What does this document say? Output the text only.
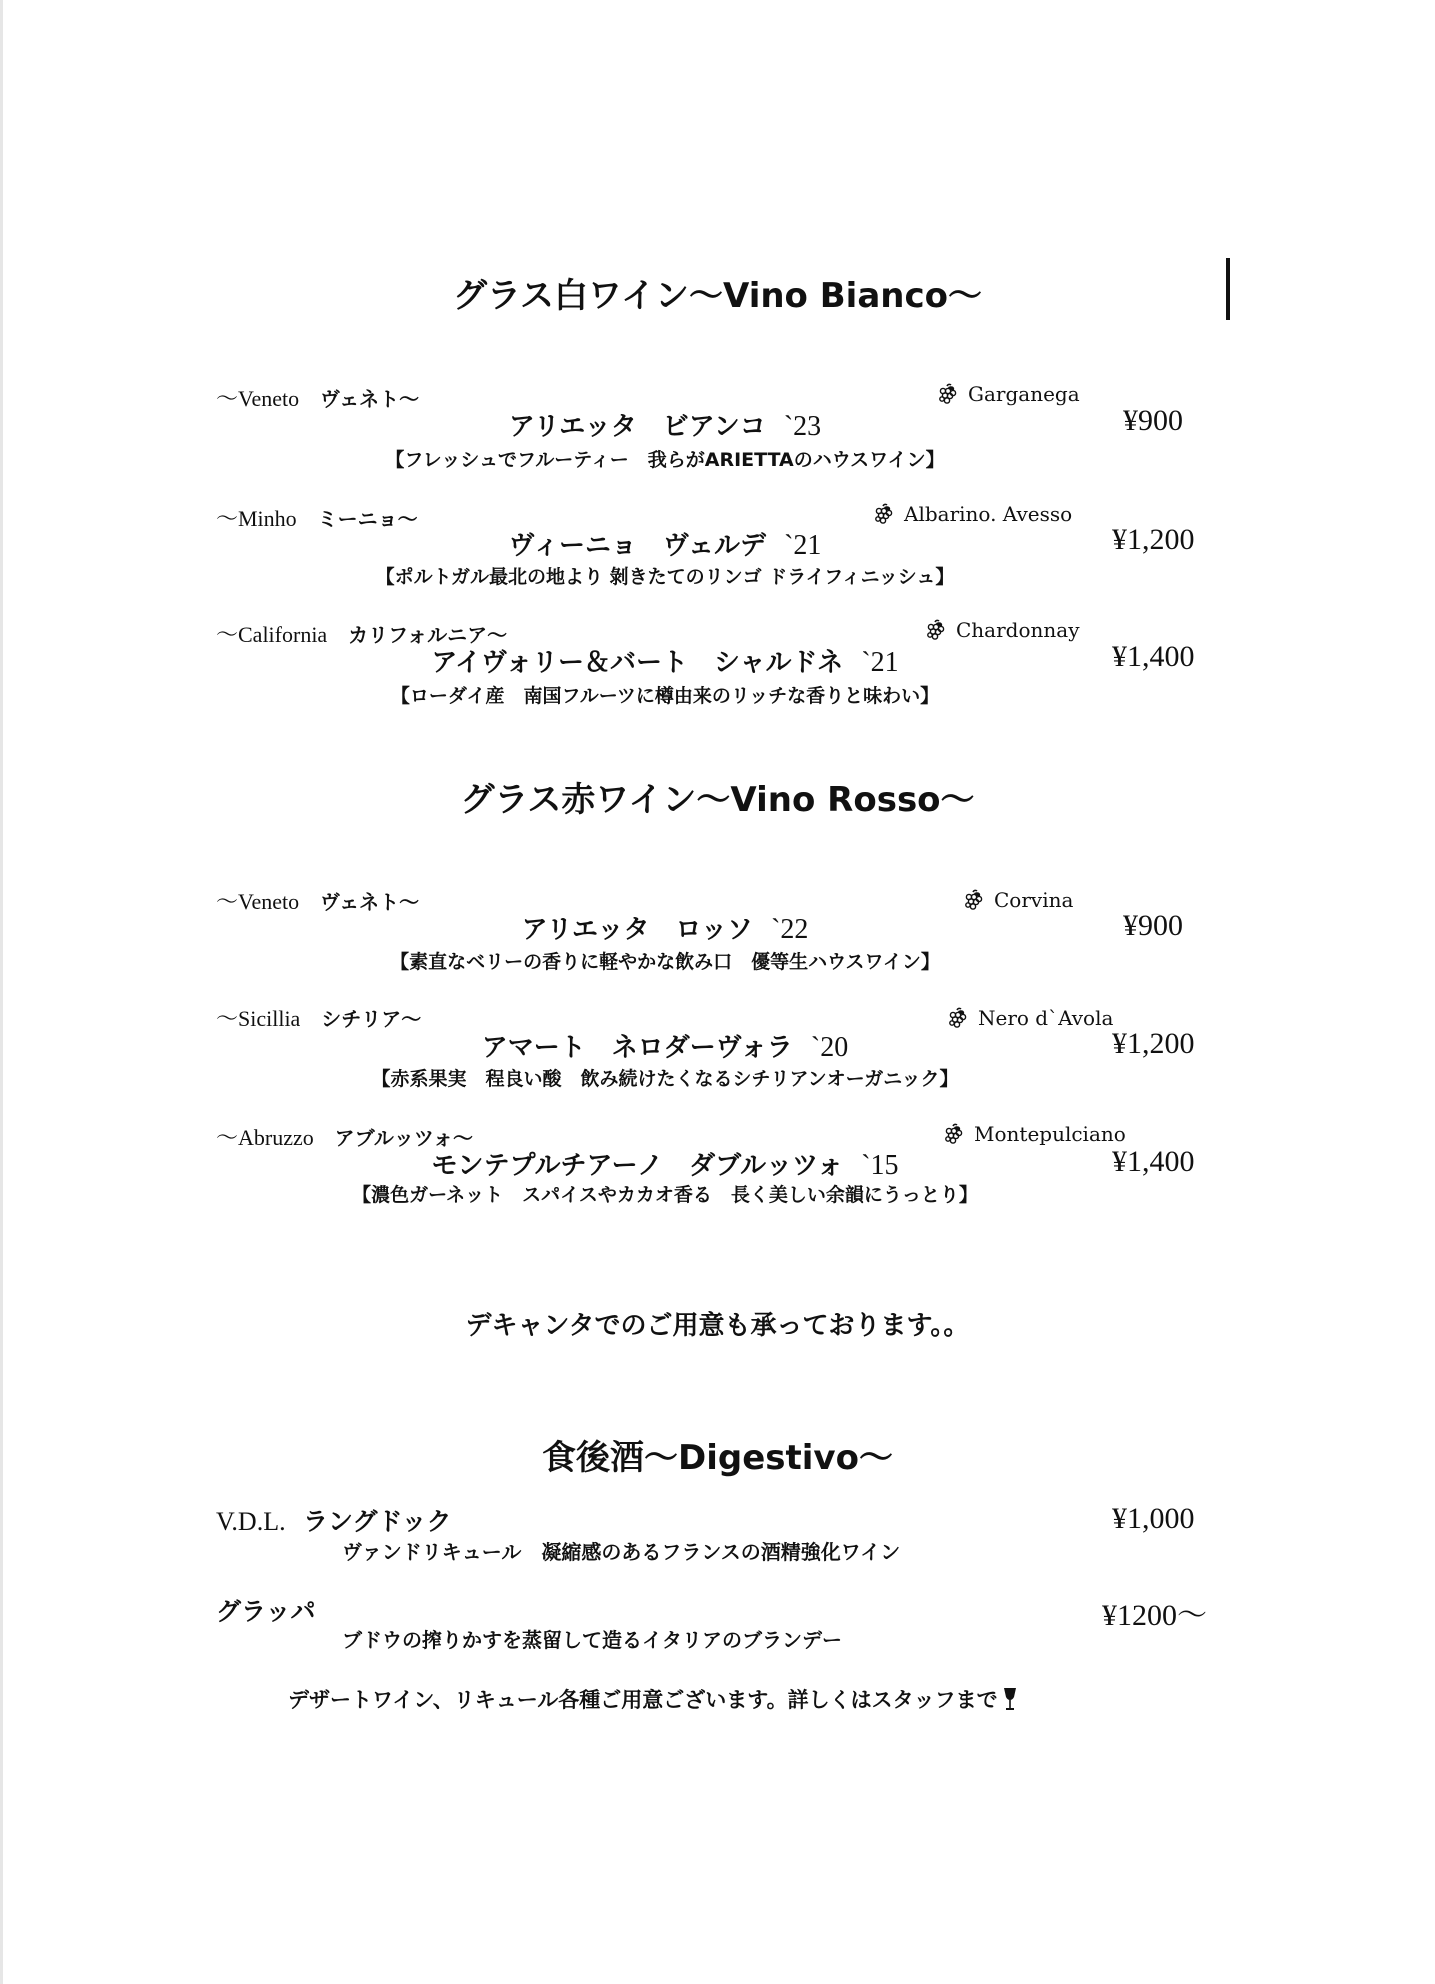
グラス白ワイン〜Vino Bianco〜
〜Veneto ヴェネト〜	Garganega
アリエッタ　ビアンコ `23	¥900
【フレッシュでフルーティー　我らがARIETTAのハウスワイン】
〜Minho ミーニョ〜	Albarino. Avesso
ヴィーニョ　ヴェルデ `21	¥1,200
【ポルトガル最北の地より 剝きたてのリンゴ ドライフィニッシュ】
〜California カリフォルニア〜	Chardonnay
アイヴォリー＆バート　シャルドネ `21	¥1,400
【ローダイ産　南国フルーツに樽由来のリッチな香りと味わい】
グラス赤ワイン〜Vino Rosso〜
〜Veneto ヴェネト〜	Corvina
アリエッタ　ロッソ `22	¥900
【素直なベリーの香りに軽やかな飲み口　優等生ハウスワイン】
〜Sicillia シチリア〜	Nero d`Avola
アマート　ネロダーヴォラ `20	¥1,200
【赤系果実　程良い酸　飲み続けたくなるシチリアンオーガニック】
〜Abruzzo アブルッツォ〜	Montepulciano
モンテプルチアーノ　ダブルッツォ `15	¥1,400
【濃色ガーネット　スパイスやカカオ香る　長く美しい余韻にうっとり】
デキャンタでのご用意も承っております。。
食後酒〜Digestivo〜
V.D.L. ラングドック	¥1,000
ヴァンドリキュール　凝縮感のあるフランスの酒精強化ワイン
グラッパ	¥1200〜
ブドウの搾りかすを蒸留して造るイタリアのブランデー
デザートワイン、リキュール各種ご用意ございます。詳しくはスタッフまで
